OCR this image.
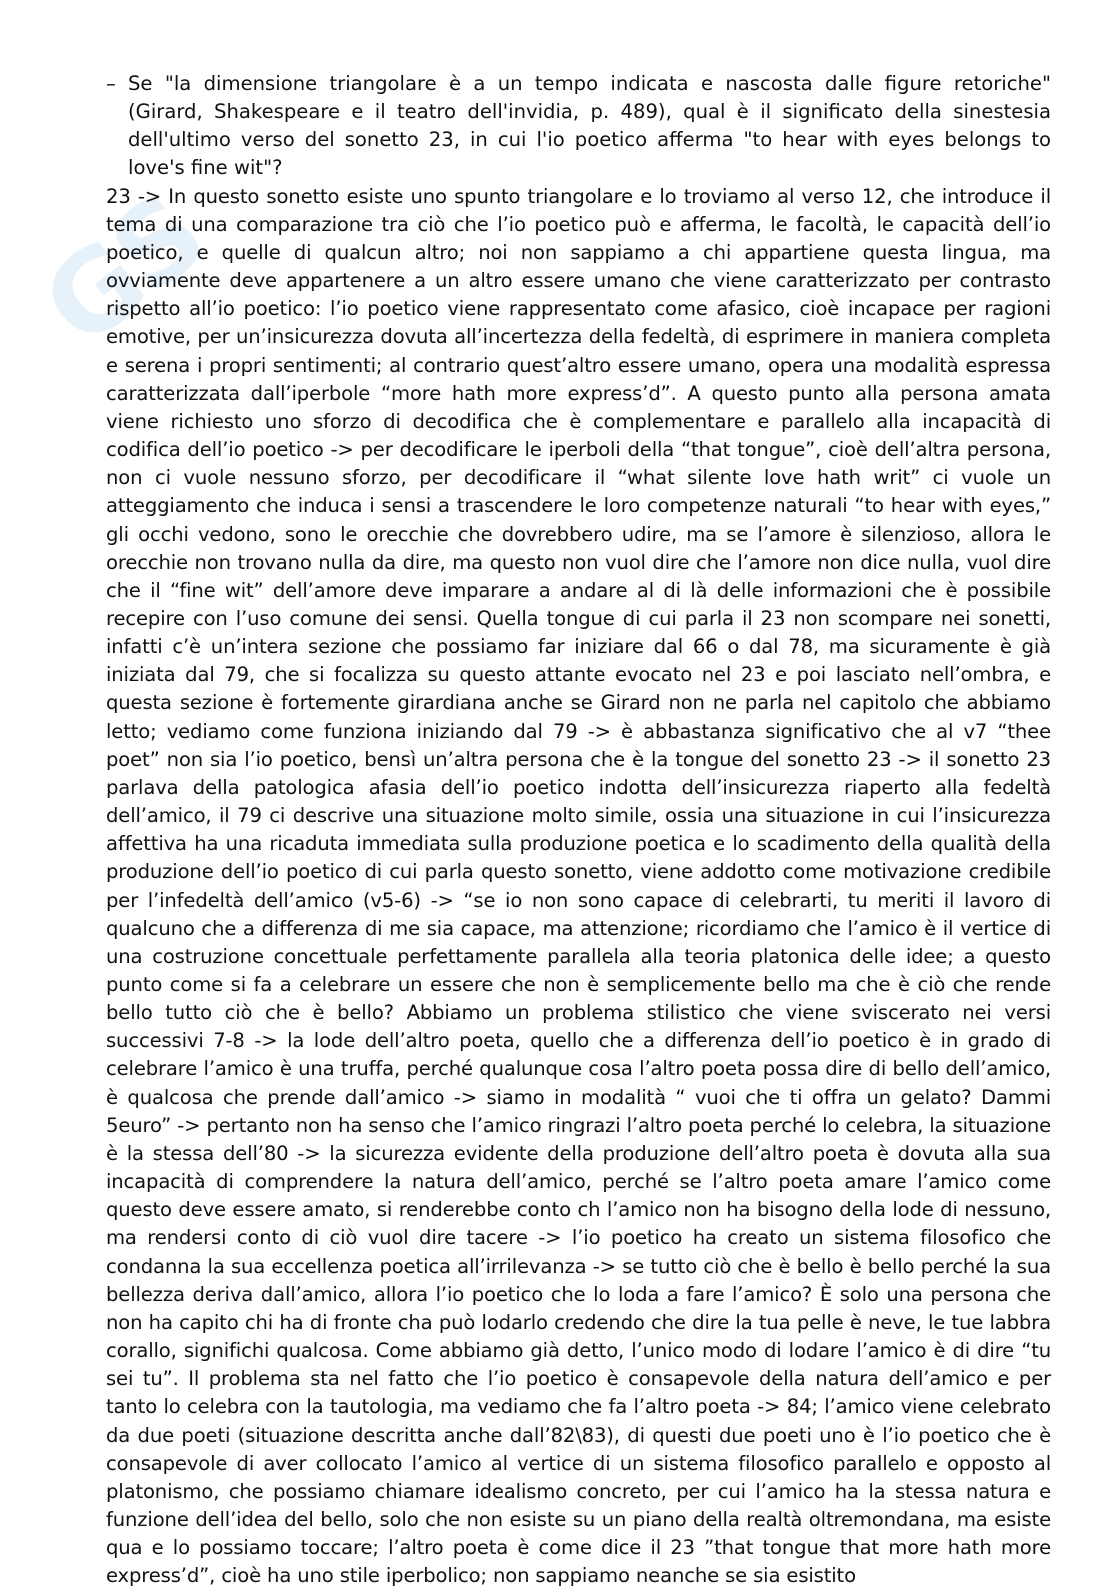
GS

– Se "la dimensione triangolare è a un tempo indicata e nascosta dalle figure retoriche" (Girard, Shakespeare e il teatro dell'invidia, p. 489), qual è il significato della sinestesia dell'ultimo verso del sonetto 23, in cui l'io poetico afferma "to hear with eyes belongs to love's fine wit"?

23 -> In questo sonetto esiste uno spunto triangolare e lo troviamo al verso 12, che introduce il tema di una comparazione tra ciò che l’io poetico può e afferma, le facoltà, le capacità dell’io poetico, e quelle di qualcun altro; noi non sappiamo a chi appartiene questa lingua, ma ovviamente deve appartenere a un altro essere umano che viene caratterizzato per contrasto rispetto all’io poetico: l’io poetico viene rappresentato come afasico, cioè incapace per ragioni emotive, per un’insicurezza dovuta all’incertezza della fedeltà, di esprimere in maniera completa e serena i propri sentimenti; al contrario quest’altro essere umano, opera una modalità espressa caratterizzata dall’iperbole “more hath more express’d”. A questo punto alla persona amata viene richiesto uno sforzo di decodifica che è complementare e parallelo alla incapacità di codifica dell’io poetico -> per decodificare le iperboli della “that tongue”, cioè dell’altra persona, non ci vuole nessuno sforzo, per decodificare il “what silente love hath writ” ci vuole un atteggiamento che induca i sensi a trascendere le loro competenze naturali “to hear with eyes,” gli occhi vedono, sono le orecchie che dovrebbero udire, ma se l’amore è silenzioso, allora le orecchie non trovano nulla da dire, ma questo non vuol dire che l’amore non dice nulla, vuol dire che il “fine wit” dell’amore deve imparare a andare al di là delle informazioni che è possibile recepire con l’uso comune dei sensi. Quella tongue di cui parla il 23 non scompare nei sonetti, infatti c’è un’intera sezione che possiamo far iniziare dal 66 o dal 78, ma sicuramente è già iniziata dal 79, che si focalizza su questo attante evocato nel 23 e poi lasciato nell’ombra, e questa sezione è fortemente girardiana anche se Girard non ne parla nel capitolo che abbiamo letto; vediamo come funziona iniziando dal 79 -> è abbastanza significativo che al v7 “thee poet” non sia l’io poetico, bensì un’altra persona che è la tongue del sonetto 23 -> il sonetto 23 parlava della patologica afasia dell’io poetico indotta dell’insicurezza riaperto alla fedeltà dell’amico, il 79 ci descrive una situazione molto simile, ossia una situazione in cui l’insicurezza affettiva ha una ricaduta immediata sulla produzione poetica e lo scadimento della qualità della produzione dell’io poetico di cui parla questo sonetto, viene addotto come motivazione credibile per l’infedeltà dell’amico (v5-6) -> “se io non sono capace di celebrarti, tu meriti il lavoro di qualcuno che a differenza di me sia capace, ma attenzione; ricordiamo che l’amico è il vertice di una costruzione concettuale perfettamente parallela alla teoria platonica delle idee; a questo punto come si fa a celebrare un essere che non è semplicemente bello ma che è ciò che rende bello tutto ciò che è bello? Abbiamo un problema stilistico che viene sviscerato nei versi successivi 7-8 -> la lode dell’altro poeta, quello che a differenza dell’io poetico è in grado di celebrare l’amico è una truffa, perché qualunque cosa l’altro poeta possa dire di bello dell’amico, è qualcosa che prende dall’amico -> siamo in modalità “ vuoi che ti offra un gelato? Dammi 5euro” -> pertanto non ha senso che l’amico ringrazi l’altro poeta perché lo celebra, la situazione è la stessa dell’80 -> la sicurezza evidente della produzione dell’altro poeta è dovuta alla sua incapacità di comprendere la natura dell’amico, perché se l’altro poeta amare l’amico come questo deve essere amato, si renderebbe conto ch l’amico non ha bisogno della lode di nessuno, ma rendersi conto di ciò vuol dire tacere -> l’io poetico ha creato un sistema filosofico che condanna la sua eccellenza poetica all’irrilevanza -> se tutto ciò che è bello è bello perché la sua bellezza deriva dall’amico, allora l’io poetico che lo loda a fare l’amico? È solo una persona che non ha capito chi ha di fronte cha può lodarlo credendo che dire la tua pelle è neve, le tue labbra corallo, significhi qualcosa. Come abbiamo già detto, l’unico modo di lodare l’amico è di dire “tu sei tu”. Il problema sta nel fatto che l’io poetico è consapevole della natura dell’amico e per tanto lo celebra con la tautologia, ma vediamo che fa l’altro poeta -> 84; l’amico viene celebrato da due poeti (situazione descritta anche dall’82\83), di questi due poeti uno è l’io poetico che è consapevole di aver collocato l’amico al vertice di un sistema filosofico parallelo e opposto al platonismo, che possiamo chiamare idealismo concreto, per cui l’amico ha la stessa natura e funzione dell’idea del bello, solo che non esiste su un piano della realtà oltremondana, ma esiste qua e lo possiamo toccare; l’altro poeta è come dice il 23 ”that tongue that more hath more express’d”, cioè ha uno stile iperbolico; non sappiamo neanche se sia esistito
